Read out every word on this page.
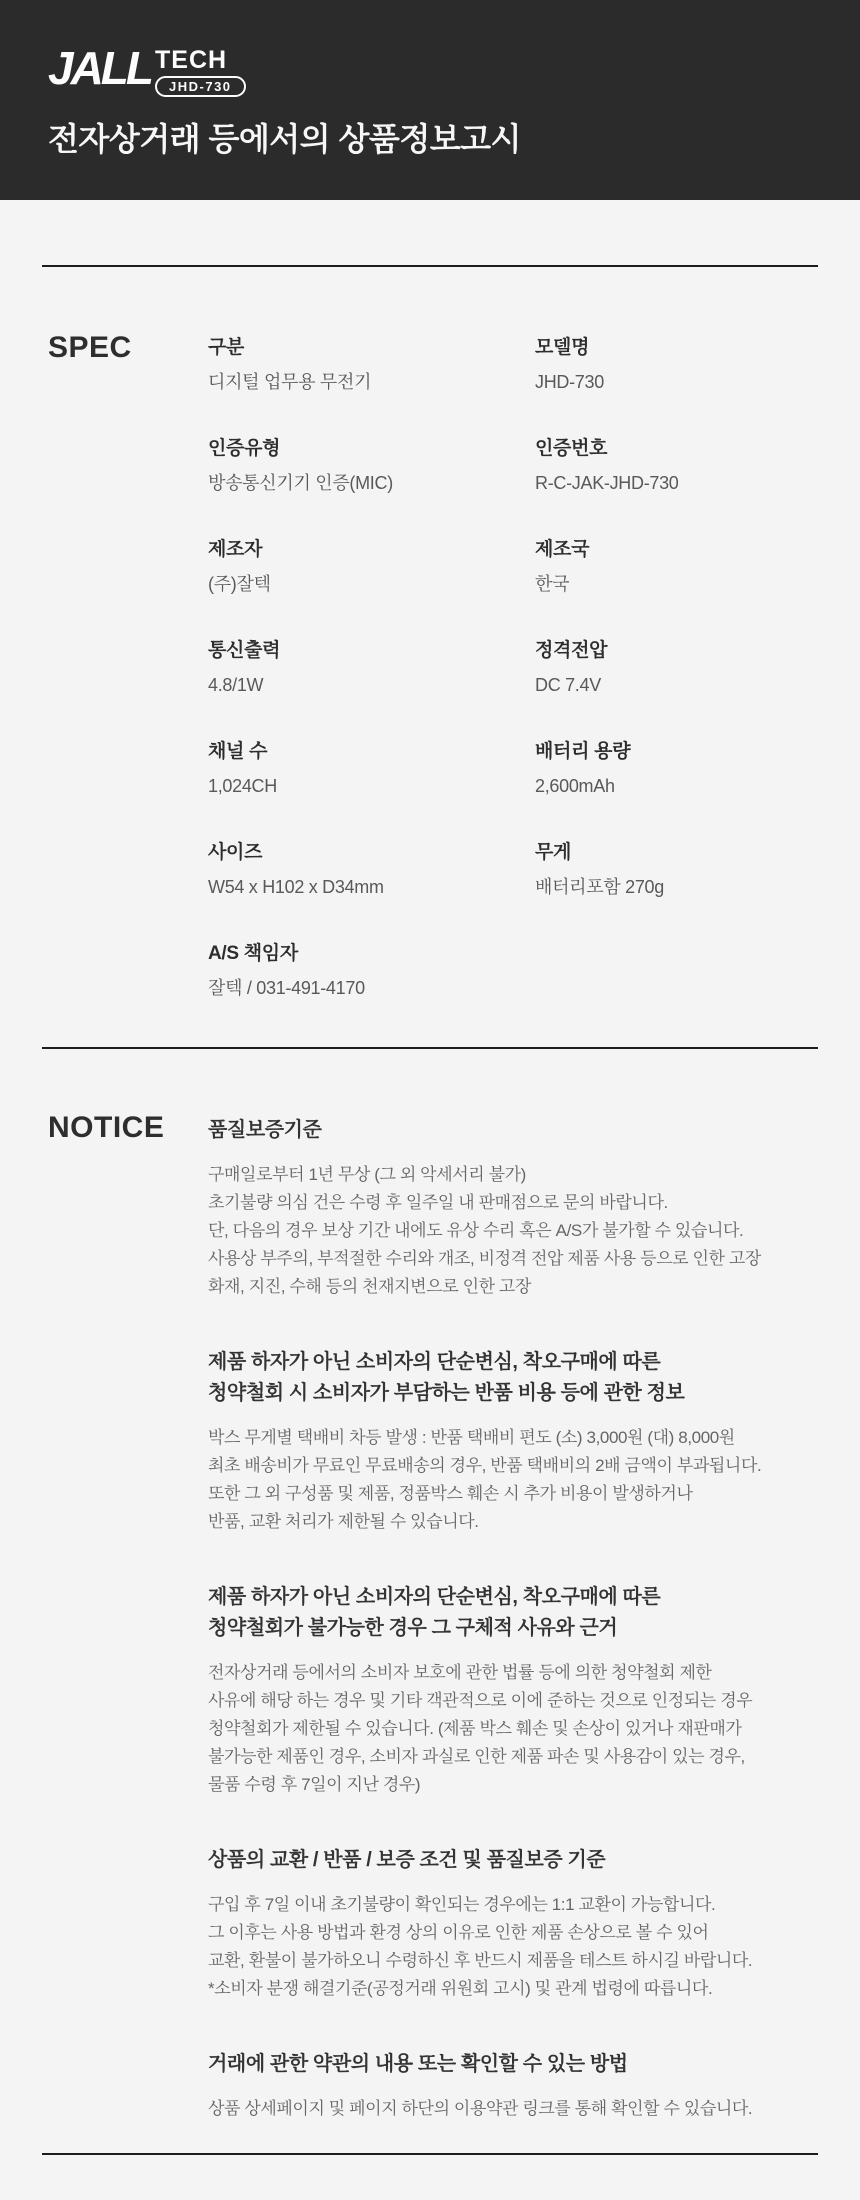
JALL TECH
JHD-730
전자상거래 등에서의 상품정보고시
SPEC	구분
디지털 업무용 무전기
모델명
JHD-730
인증유형
방송통신기기 인증(MIC)
인증번호
R-C-JAK-JHD-730
제조자
(주)잘텍
제조국
한국
통신출력
4.8/1W
정격전압
DC 7.4V
채널 수
1,024CH
배터리 용량
2,600mAh
사이즈
W54 x H102 x D34mm
무게
배터리포함 270g
A/S 책임자
잘텍 / 031-491-4170
NOTICE	품질보증기준
구매일로부터 1년 무상 (그 외 악세서리 불가)
초기불량 의심 건은 수령 후 일주일 내 판매점으로 문의 바랍니다.
단, 다음의 경우 보상 기간 내에도 유상 수리 혹은 A/S가 불가할 수 있습니다.
사용상 부주의, 부적절한 수리와 개조, 비정격 전압 제품 사용 등으로 인한 고장
화재, 지진, 수해 등의 천재지변으로 인한 고장
제품 하자가 아닌 소비자의 단순변심, 착오구매에 따른
청약철회 시 소비자가 부담하는 반품 비용 등에 관한 정보
박스 무게별 택배비 차등 발생 : 반품 택배비 편도 (소) 3,000원 (대) 8,000원
최초 배송비가 무료인 무료배송의 경우, 반품 택배비의 2배 금액이 부과됩니다.
또한 그 외 구성품 및 제품, 정품박스 훼손 시 추가 비용이 발생하거나
반품, 교환 처리가 제한될 수 있습니다.
제품 하자가 아닌 소비자의 단순변심, 착오구매에 따른
청약철회가 불가능한 경우 그 구체적 사유와 근거
전자상거래 등에서의 소비자 보호에 관한 법률 등에 의한 청약철회 제한
사유에 해당 하는 경우 및 기타 객관적으로 이에 준하는 것으로 인정되는 경우
청약철회가 제한될 수 있습니다. (제품 박스 훼손 및 손상이 있거나 재판매가
불가능한 제품인 경우, 소비자 과실로 인한 제품 파손 및 사용감이 있는 경우,
물품 수령 후 7일이 지난 경우)
상품의 교환 / 반품 / 보증 조건 및 품질보증 기준
구입 후 7일 이내 초기불량이 확인되는 경우에는 1:1 교환이 가능합니다.
그 이후는 사용 방법과 환경 상의 이유로 인한 제품 손상으로 볼 수 있어
교환, 환불이 불가하오니 수령하신 후 반드시 제품을 테스트 하시길 바랍니다.
*소비자 분쟁 해결기준(공정거래 위원회 고시) 및 관계 법령에 따릅니다.
거래에 관한 약관의 내용 또는 확인할 수 있는 방법
상품 상세페이지 및 페이지 하단의 이용약관 링크를 통해 확인할 수 있습니다.
